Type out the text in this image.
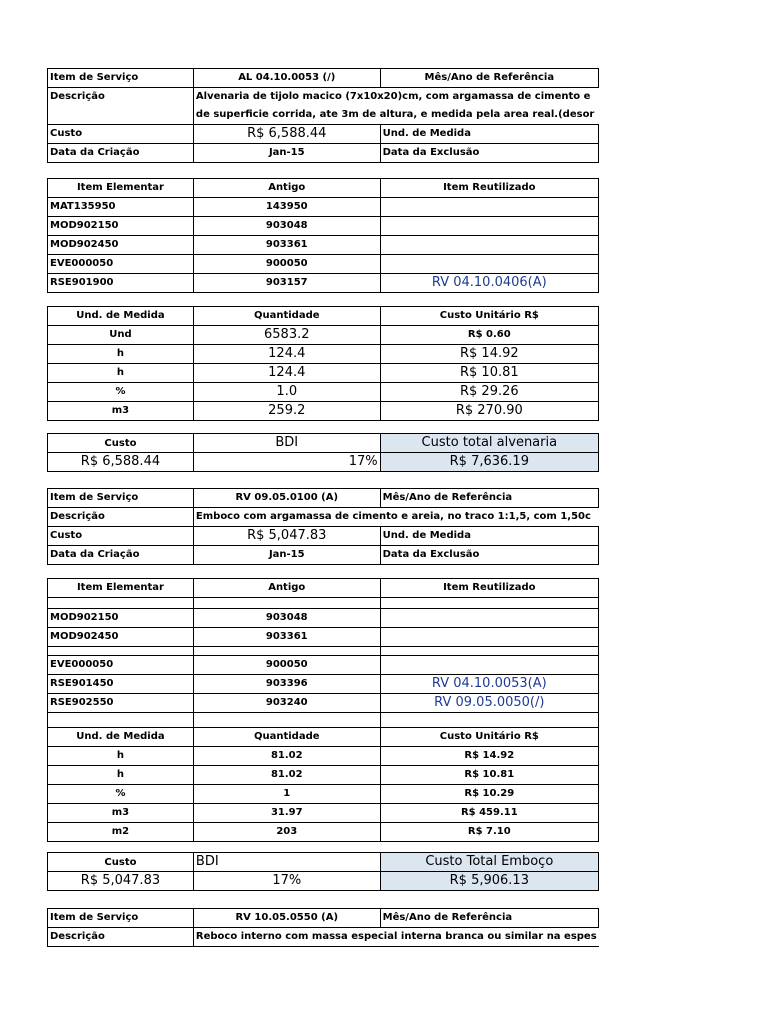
Item de Serviço	AL 04.10.0053 (/)	Mês/Ano de Referência
Descrição	Alvenaria de tijolo macico (7x10x20)cm, com argamassa de cimento e	
	de superficie corrida, ate 3m de altura, e medida pela area real.(desor	
Custo	R$ 6,588.44	Und. de Medida
Data da Criação	Jan-15	Data da Exclusão
Item Elementar	Antigo	Item Reutilizado
MAT135950	143950	
MOD902150	903048	
MOD902450	903361	
EVE000050	900050	
RSE901900	903157	RV 04.10.0406(A)
Und. de Medida	Quantidade	Custo Unitário R$
Und	6583.2	R$ 0.60
h	124.4	R$ 14.92
h	124.4	R$ 10.81
%	1.0	R$ 29.26
m3	259.2	R$ 270.90
Custo	BDI	Custo total alvenaria
R$ 6,588.44	17%	R$ 7,636.19
Item de Serviço	RV 09.05.0100 (A)	Mês/Ano de Referência
Descrição	Emboco com argamassa de cimento e areia, no traco 1:1,5, com 1,50c	
Custo	R$ 5,047.83	Und. de Medida
Data da Criação	Jan-15	Data da Exclusão
Item Elementar	Antigo	Item Reutilizado

MOD902150	903048	
MOD902450	903361	

EVE000050	900050	
RSE901450	903396	RV 04.10.0053(A)
RSE902550	903240	RV 09.05.0050(/)

Und. de Medida	Quantidade	Custo Unitário R$
h	81.02	R$ 14.92
h	81.02	R$ 10.81
%	1	R$ 10.29
m3	31.97	R$ 459.11
m2	203	R$ 7.10
Custo	BDI	Custo Total Emboço
R$ 5,047.83	17%	R$ 5,906.13
Item de Serviço	RV 10.05.0550 (A)	Mês/Ano de Referência
Descrição	Reboco interno com massa especial interna branca ou similar na espes	
